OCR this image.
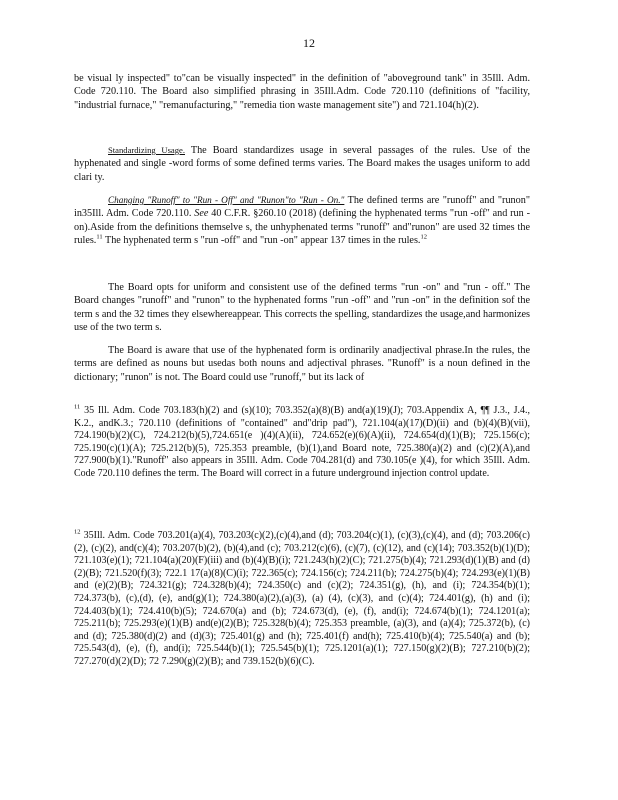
12

be visual ly inspected" to"can be visually inspected" in the definition of "aboveground tank" in 35Ill. Adm. Code 720.110. The Board also simplified phrasing in 35Ill.Adm. Code 720.110 (definitions of "facility, "industrial furnace," "remanufacturing," "remedia tion waste management site") and 721.104(h)(2).

Standardizing Usage. The Board standardizes usage in several passages of the rules. Use of the hyphenated and single -word forms of some defined terms varies. The Board makes the usages uniform to add clari ty.

Changing "Runoff" to "Run - Off" and "Runon"to "Run - On." The defined terms are "runoff" and "runon" in35Ill. Adm. Code 720.110. See 40 C.F.R. §260.10 (2018) (defining the hyphenated terms "run -off" and run -on).Aside from the definitions themselve s, the unhyphenated terms "runoff" and"runon" are used 32 times the rules.$^{11}$ The hyphenated term s "run -off" and "run -on" appear 137 times in the rules.$^{12}$

The Board opts for uniform and consistent use of the defined terms "run -on" and "run - off." The Board changes "runoff" and "runon" to the hyphenated forms "run -off" and "run -on" in the definition sof the term s and the 32 times they elsewhereappear. This corrects the spelling, standardizes the usage,and harmonizes use of the two term s.

The Board is aware that use of the hyphenated form is ordinarily anadjectival phrase.In the rules, the terms are defined as nouns but usedas both nouns and adjectival phrases. "Runoff" is a noun defined in the dictionary; "runon" is not. The Board could use "runoff," but its lack of

$^{11}$ 35 Ill. Adm. Code 703.183(h)(2) and (s)(10); 703.352(a)(8)(B) and(a)(19)(J); 703.Appendix A, ¶¶ J.3., J.4., K.2., andK.3.; 720.110 (definitions of "contained" and"drip pad"), 721.104(a)(17)(D)(ii) and (b)(4)(B)(vii), 724.190(b)(2)(C), 724.212(b)(5),724.651(e )(4)(A)(ii), 724.652(e)(6)(A)(ii), 724.654(d)(1)(B); 725.156(c); 725.190(c)(1)(A); 725.212(b)(5), 725.353 preamble, (b)(1),and Board note, 725.380(a)(2) and (c)(2)(A),and 727.900(b)(1)."Runoff" also appears in 35Ill. Adm. Code 704.281(d) and 730.105(e )(4), for which 35Ill. Adm. Code 720.110 defines the term. The Board will correct in a future underground injection control update.
$^{12}$ 35Ill. Adm. Code 703.201(a)(4), 703.203(c)(2),(c)(4),and (d); 703.204(c)(1), (c)(3),(c)(4), and (d); 703.206(c)(2), (c)(2), and(c)(4); 703.207(b)(2), (b)(4),and (c); 703.212(c)(6), (c)(7), (c)(12), and (c)(14); 703.352(b)(1)(D); 721.103(e)(1); 721.104(a)(20)(F)(iii) and (b)(4)(B)(i); 721.243(h)(2)(C); 721.275(b)(4); 721.293(d)(1)(B) and (d)(2)(B); 721.520(f)(3); 722.1 17(a)(8)(C)(i); 722.365(c); 724.156(c); 724.211(b); 724.275(b)(4); 724.293(e)(1)(B) and (e)(2)(B); 724.321(g); 724.328(b)(4); 724.350(c) and (c)(2); 724.351(g), (h), and (i); 724.354(b)(1); 724.373(b), (c),(d), (e), and(g)(1); 724.380(a)(2),(a)(3), (a) (4), (c)(3), and (c)(4); 724.401(g), (h) and (i); 724.403(b)(1); 724.410(b)(5); 724.670(a) and (b); 724.673(d), (e), (f), and(i); 724.674(b)(1); 724.1201(a); 725.211(b); 725.293(e)(1)(B) and(e)(2)(B); 725.328(b)(4); 725.353 preamble, (a)(3), and (a)(4); 725.372(b), (c) and (d); 725.380(d)(2) and (d)(3); 725.401(g) and (h); 725.401(f) and(h); 725.410(b)(4); 725.540(a) and (b); 725.543(d), (e), (f), and(i); 725.544(b)(1); 725.545(b)(1); 725.1201(a)(1); 727.150(g)(2)(B); 727.210(b)(2); 727.270(d)(2)(D); 72 7.290(g)(2)(B); and 739.152(b)(6)(C).
